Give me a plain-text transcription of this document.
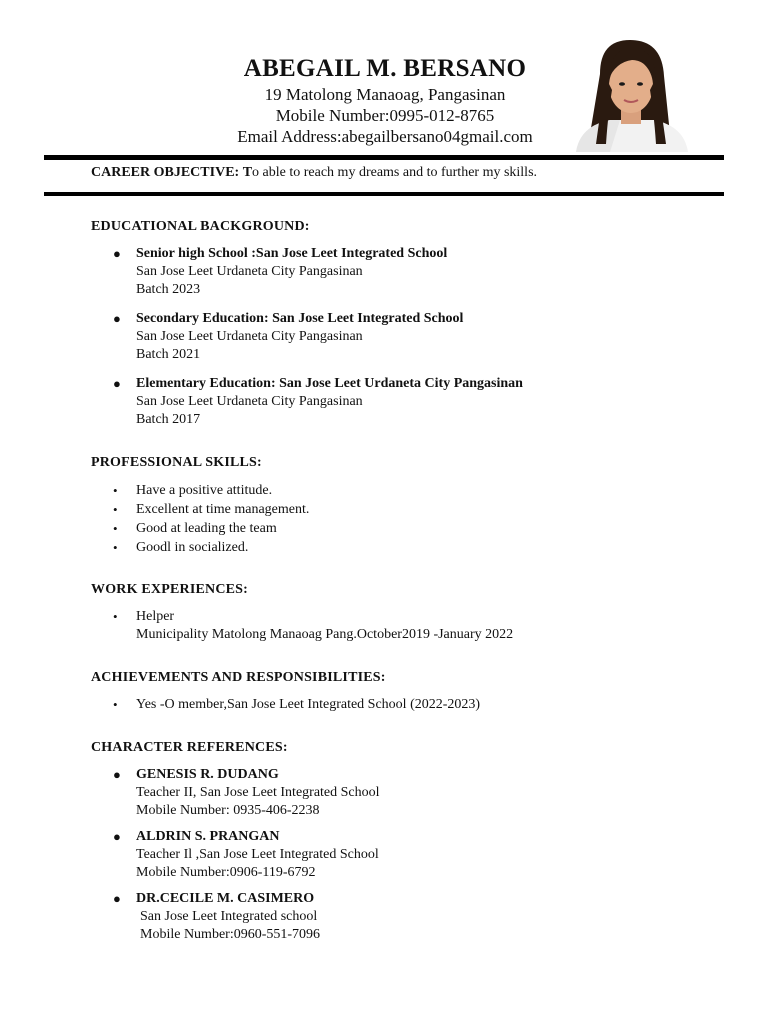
ABEGAIL M. BERSANO
19 Matolong Manaoag, Pangasinan
Mobile Number:0995-012-8765
Email Address:abegailbersano04gmail.com
CAREER OBJECTIVE: To able to reach my dreams and to further my skills.
EDUCATIONAL BACKGROUND:
● Senior high School :San Jose Leet Integrated School
San Jose Leet Urdaneta City Pangasinan
Batch 2023
● Secondary Education: San Jose Leet Integrated School
San Jose Leet Urdaneta City Pangasinan
Batch 2021
● Elementary Education: San Jose Leet Urdaneta City Pangasinan
San Jose Leet Urdaneta City Pangasinan
Batch 2017
PROFESSIONAL SKILLS:
• Have a positive attitude.
• Excellent at time management.
• Good at leading the team
• Goodl in socialized.
WORK EXPERIENCES:
• Helper
Municipality Matolong Manaoag Pang.October2019 -January 2022
ACHIEVEMENTS AND RESPONSIBILITIES:
• Yes -O member,San Jose Leet Integrated School (2022-2023)
CHARACTER REFERENCES:
● GENESIS R. DUDANG
Teacher II, San Jose Leet Integrated School
Mobile Number: 0935-406-2238
● ALDRIN S. PRANGAN
Teacher Il ,San Jose Leet Integrated School
Mobile Number:0906-119-6792
● DR.CECILE M. CASIMERO
San Jose Leet Integrated school
Mobile Number:0960-551-7096
